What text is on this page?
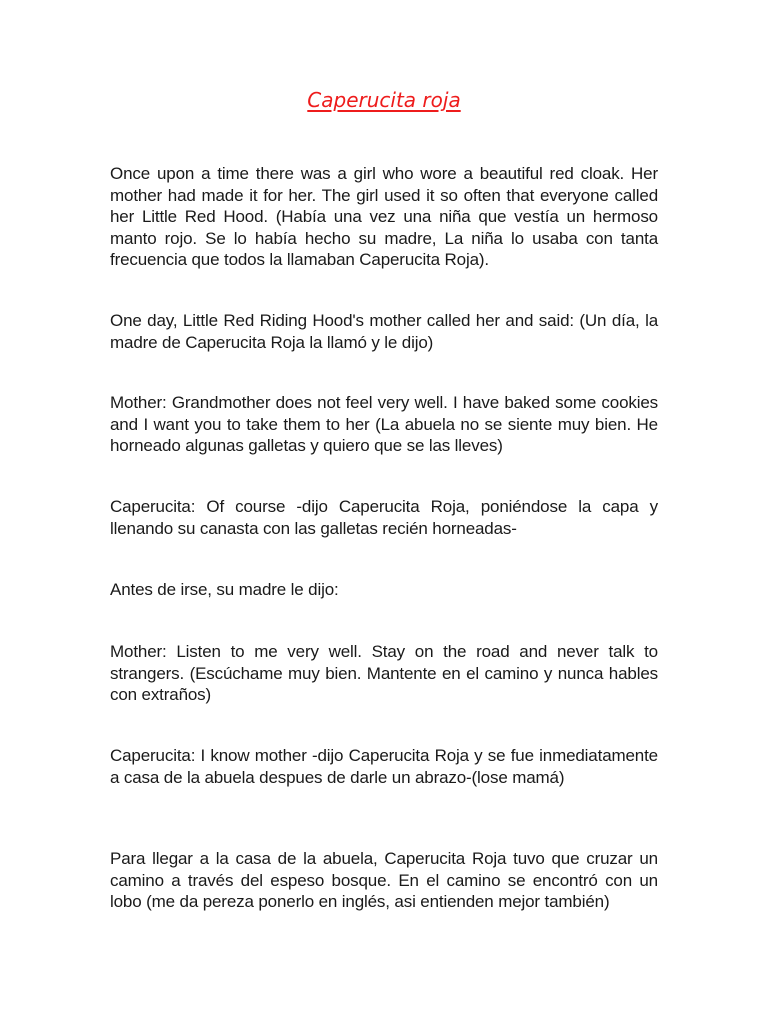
Caperucita roja

Once upon a time there was a girl who wore a beautiful red cloak. Her mother had made it for her. The girl used it so often that everyone called her Little Red Hood. (Había una vez una niña que vestía un hermoso manto rojo. Se lo había hecho su madre, La niña lo usaba con tanta frecuencia que todos la llamaban Caperucita Roja).

One day, Little Red Riding Hood's mother called her and said: (Un día, la madre de Caperucita Roja la llamó y le dijo)

Mother: Grandmother does not feel very well. I have baked some cookies and I want you to take them to her (La abuela no se siente muy bien. He horneado algunas galletas y quiero que se las lleves)

Caperucita: Of course -dijo Caperucita Roja, poniéndose la capa y llenando su canasta con las galletas recién horneadas-

Antes de irse, su madre le dijo:

Mother: Listen to me very well. Stay on the road and never talk to strangers. (Escúchame muy bien. Mantente en el camino y nunca hables con extraños)

Caperucita: I know mother -dijo Caperucita Roja y se fue inmediatamente a casa de la abuela despues de darle un abrazo-(lose mamá)

Para llegar a la casa de la abuela, Caperucita Roja tuvo que cruzar un camino a través del espeso bosque. En el camino se encontró con un lobo (me da pereza ponerlo en inglés, asi entienden mejor también)
